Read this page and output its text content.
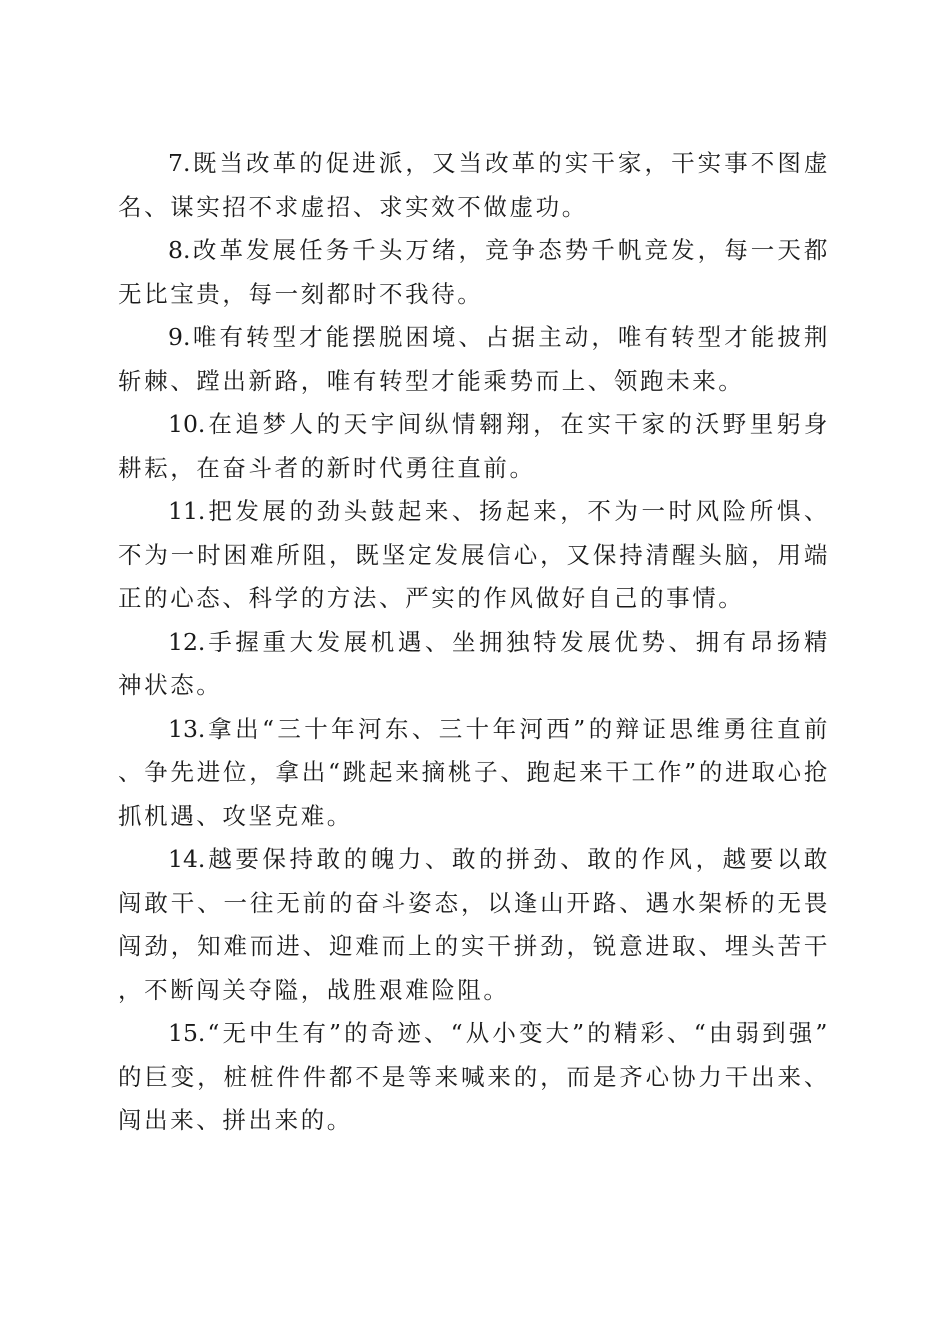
7.既当改革的促进派，又当改革的实干家，干实事不图虚名、谋实招不求虚招、求实效不做虚功。

8.改革发展任务千头万绪，竞争态势千帆竞发，每一天都无比宝贵，每一刻都时不我待。

9.唯有转型才能摆脱困境、占据主动，唯有转型才能披荆斩棘、蹚出新路，唯有转型才能乘势而上、领跑未来。

10.在追梦人的天宇间纵情翱翔，在实干家的沃野里躬身耕耘，在奋斗者的新时代勇往直前。

11.把发展的劲头鼓起来、扬起来，不为一时风险所惧、不为一时困难所阻，既坚定发展信心，又保持清醒头脑，用端正的心态、科学的方法、严实的作风做好自己的事情。

12.手握重大发展机遇、坐拥独特发展优势、拥有昂扬精神状态。

13.拿出“三十年河东、三十年河西”的辩证思维勇往直前、争先进位，拿出“跳起来摘桃子、跑起来干工作”的进取心抢抓机遇、攻坚克难。

14.越要保持敢的魄力、敢的拼劲、敢的作风，越要以敢闯敢干、一往无前的奋斗姿态，以逢山开路、遇水架桥的无畏闯劲，知难而进、迎难而上的实干拼劲，锐意进取、埋头苦干，不断闯关夺隘，战胜艰难险阻。

15.“无中生有”的奇迹、“从小变大”的精彩、“由弱到强”的巨变，桩桩件件都不是等来喊来的，而是齐心协力干出来、闯出来、拼出来的。
